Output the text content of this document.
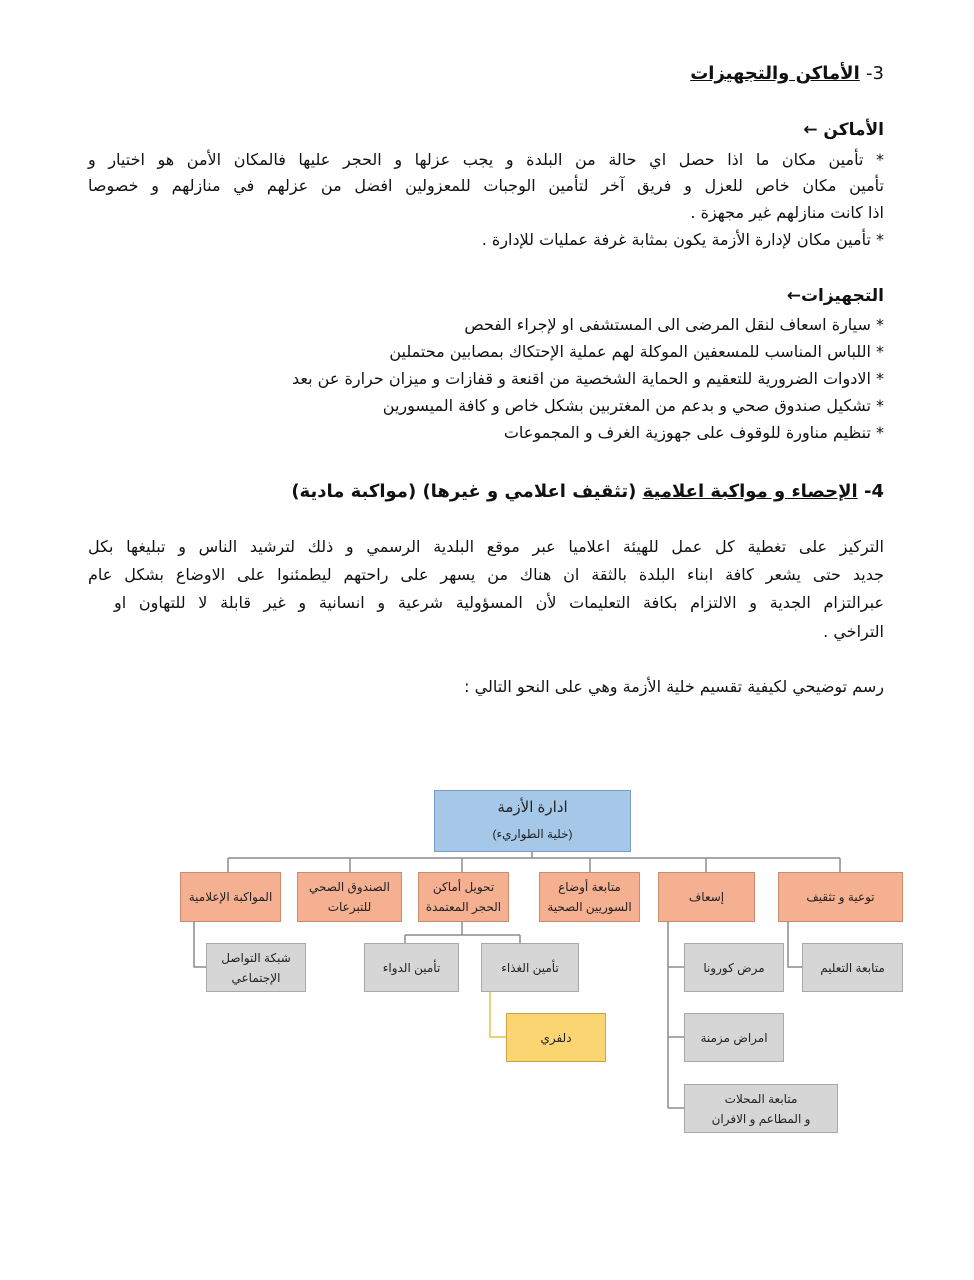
3- الأماكن والتجهيزات
الأماكن ←
* تأمين مكان ما اذا حصل اي حالة من البلدة و يجب عزلها و الحجر عليها فالمكان الأمن هو اختيار و
تأمين مكان خاص للعزل و فريق آخر لتأمين الوجبات للمعزولين افضل من عزلهم في منازلهم و خصوصا
اذا كانت منازلهم غير مجهزة .
* تأمين مكان لإدارة الأزمة يكون بمثابة غرفة عمليات للإدارة .
التجهيزات←
* سيارة اسعاف لنقل المرضى الى المستشفى او لإجراء الفحص
* اللباس المناسب للمسعفين الموكلة لهم عملية الإحتكاك بمصابين محتملين
* الادوات الضرورية للتعقيم و الحماية الشخصية من اقنعة و قفازات و ميزان حرارة عن بعد
* تشكيل صندوق صحي و بدعم من المغتربين بشكل خاص و كافة الميسورين
* تنظيم مناورة للوقوف على جهوزية الغرف و المجموعات
4- الإحصاء و مواكبة اعلامية (تثقيف اعلامي و غيرها) (مواكبة مادية)
التركيز على تغطية كل عمل للهيئة اعلاميا عبر موقع البلدية الرسمي و ذلك لترشيد الناس و تبليغها بكل
جديد حتى يشعر كافة ابناء البلدة بالثقة ان هناك من يسهر على راحتهم ليطمئنوا على الاوضاع بشكل عام
عبرالتزام الجدية و الالتزام بكافة التعليمات لأن المسؤولية شرعية و انسانية و غير قابلة لا للتهاون او
التراخي .
رسم توضيحي لكيفية تقسيم خلية الأزمة وهي على النحو التالي :
ادارة الأزمة
(خلية الطواريء)
توعية و تثقيف
إسعاف
متابعة أوضاع
السوريين الصحية
تحويل أماكن
الحجر المعتمدة
الصندوق الصحي
للتبرعات
المواكبة الإعلامية
متابعة التعليم
مرض كورونا
امراض مزمنة
متابعة المحلات
و المطاعم و الافران
تأمين الغذاء
تأمين الدواء
شبكة التواصل
الإجتماعي
دلفري
